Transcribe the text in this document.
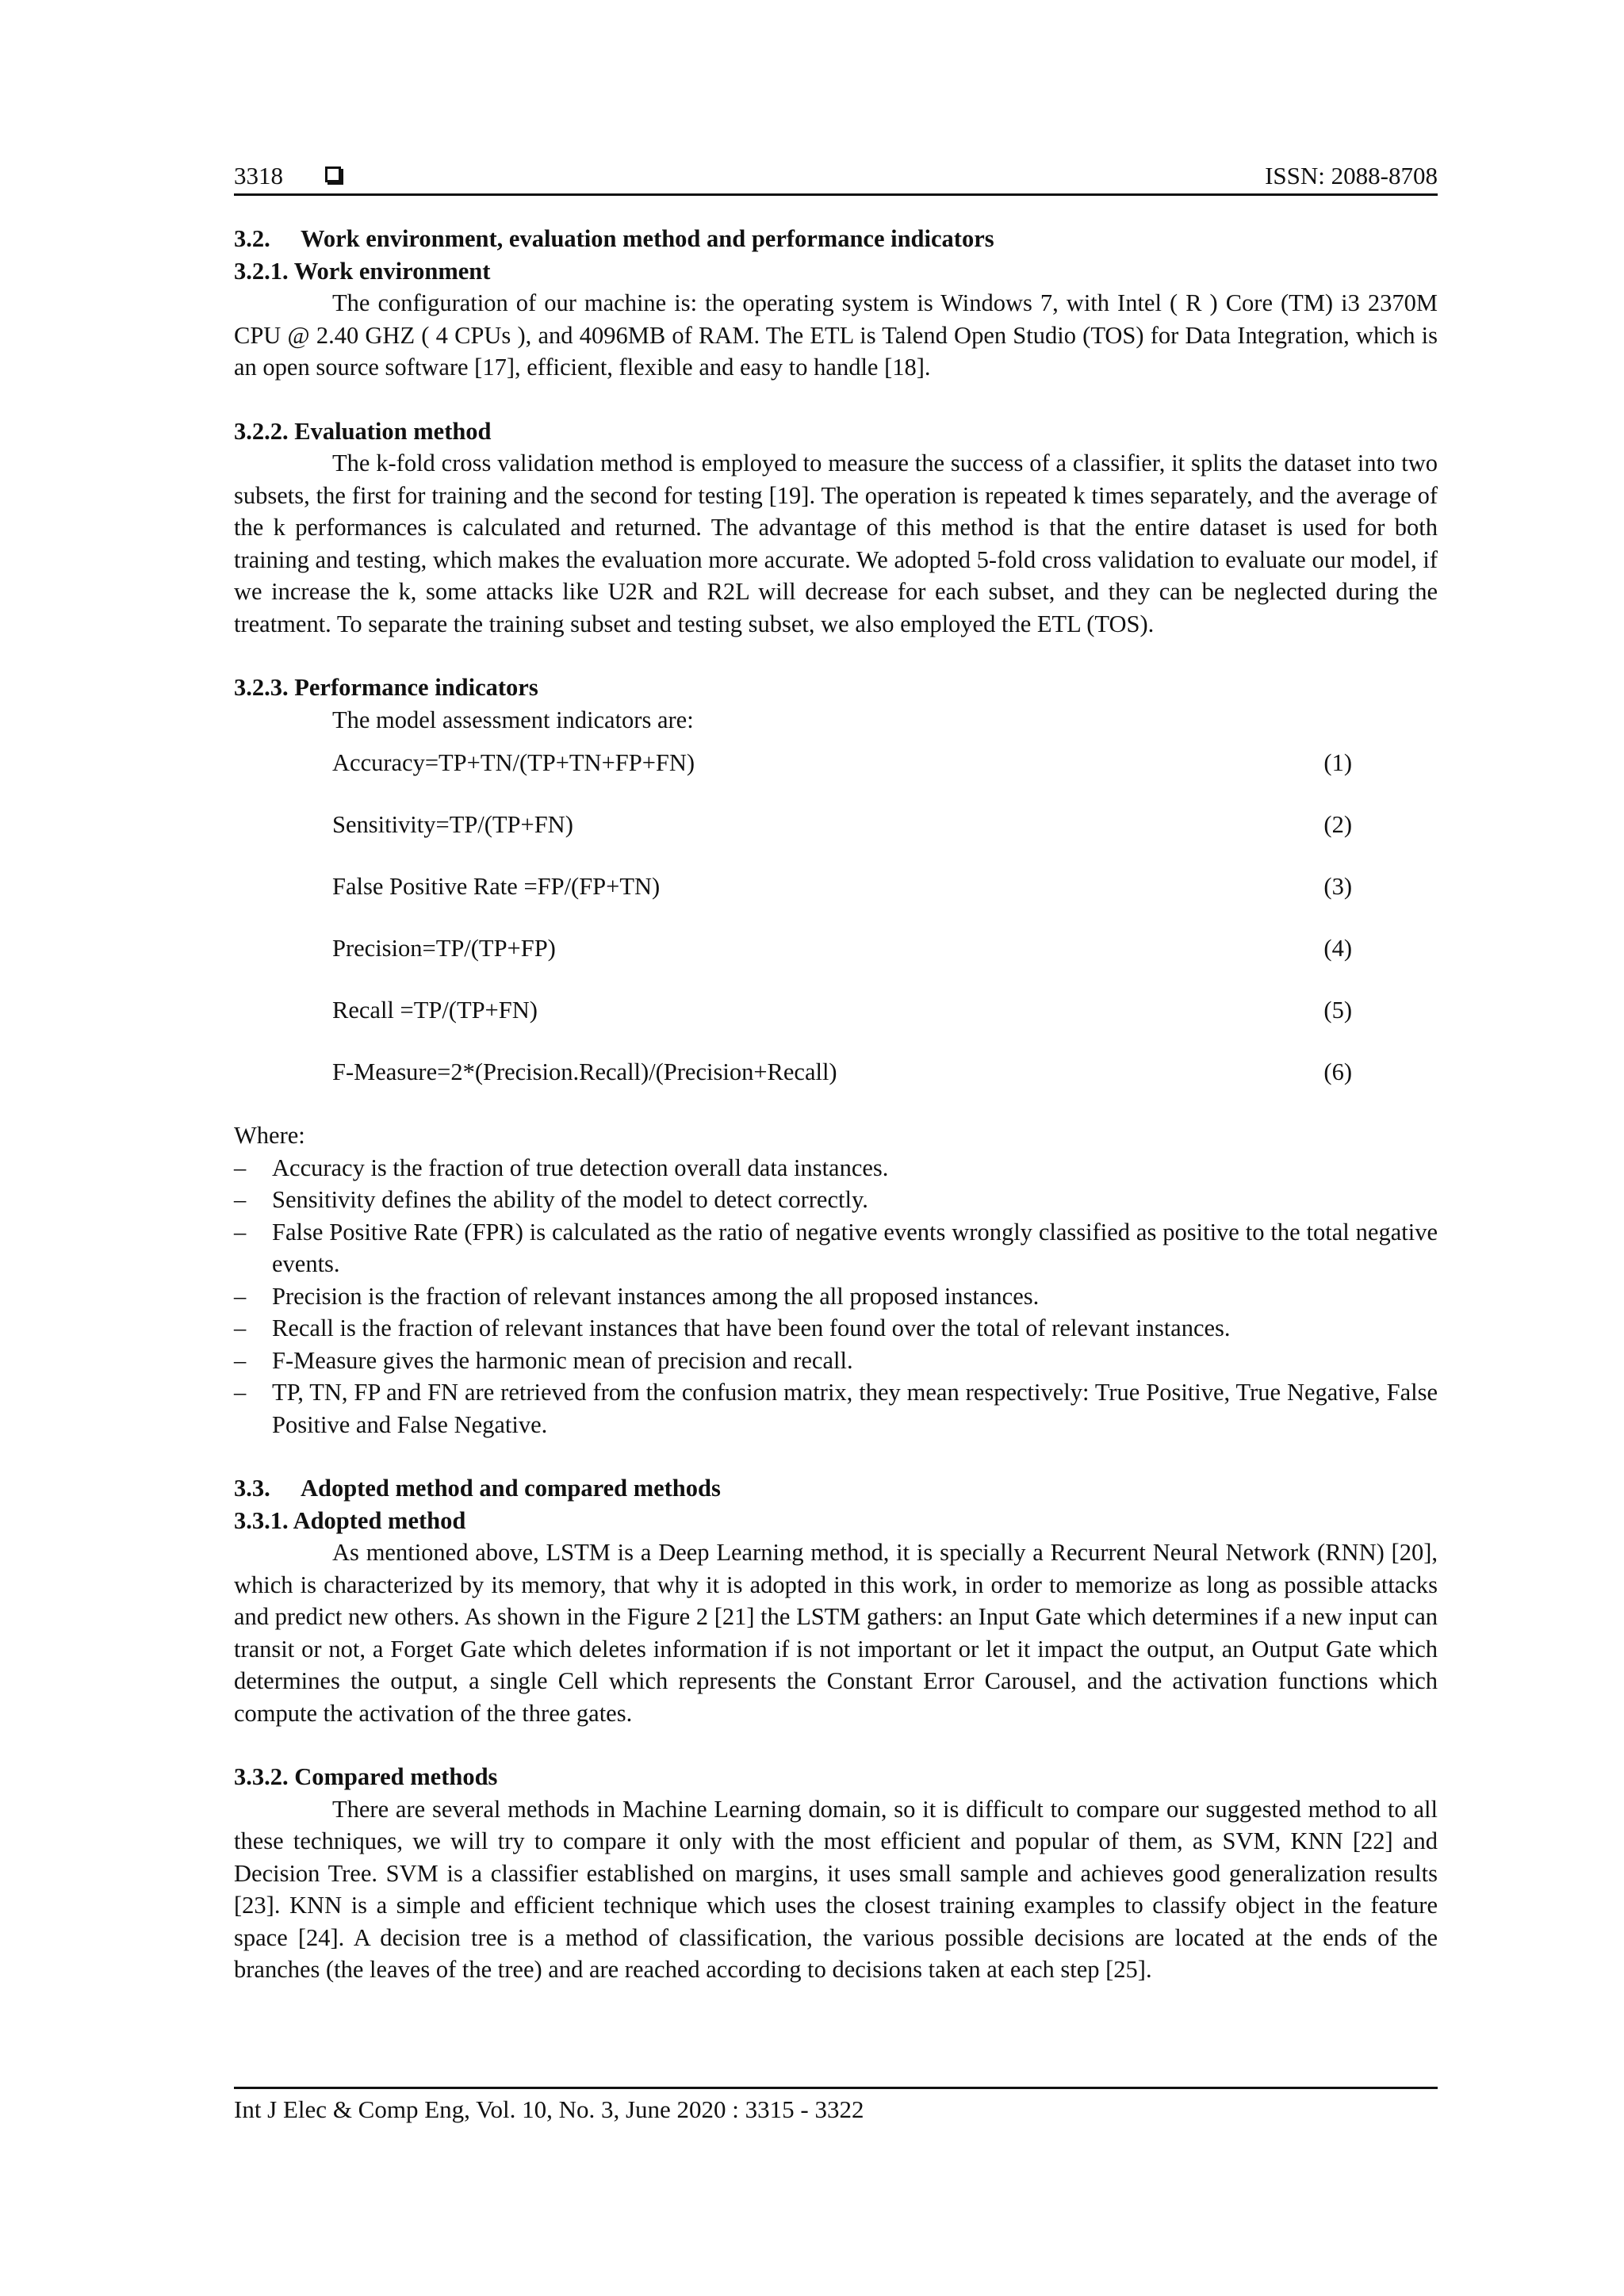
3318	ISSN: 2088-8708
3.2. Work environment, evaluation method and performance indicators
3.2.1. Work environment

The configuration of our machine is: the operating system is Windows 7, with Intel ( R ) Core (TM) i3 2370M CPU @ 2.40 GHZ ( 4 CPUs ), and 4096MB of RAM. The ETL is Talend Open Studio (TOS) for Data Integration, which is an open source software [17], efficient, flexible and easy to handle [18].

3.2.2. Evaluation method

The k-fold cross validation method is employed to measure the success of a classifier, it splits the dataset into two subsets, the first for training and the second for testing [19]. The operation is repeated k times separately, and the average of the k performances is calculated and returned. The advantage of this method is that the entire dataset is used for both training and testing, which makes the evaluation more accurate. We adopted 5-fold cross validation to evaluate our model, if we increase the k, some attacks like U2R and R2L will decrease for each subset, and they can be neglected during the treatment. To separate the training subset and testing subset, we also employed the ETL (TOS).

3.2.3. Performance indicators

The model assessment indicators are:

Accuracy=TP+TN/(TP+TN+FP+FN)	(1)
Sensitivity=TP/(TP+FN)	(2)
False Positive Rate =FP/(FP+TN)	(3)
Precision=TP/(TP+FP)	(4)
Recall =TP/(TP+FN)	(5)
F-Measure=2*(Precision.Recall)/(Precision+Recall)	(6)
Where:
– Accuracy is the fraction of true detection overall data instances.
– Sensitivity defines the ability of the model to detect correctly.
– False Positive Rate (FPR) is calculated as the ratio of negative events wrongly classified as positive to the total negative events.
– Precision is the fraction of relevant instances among the all proposed instances.
– Recall is the fraction of relevant instances that have been found over the total of relevant instances.
– F-Measure gives the harmonic mean of precision and recall.
– TP, TN, FP and FN are retrieved from the confusion matrix, they mean respectively: True Positive, True Negative, False Positive and False Negative.
3.3. Adopted method and compared methods
3.3.1. Adopted method

As mentioned above, LSTM is a Deep Learning method, it is specially a Recurrent Neural Network (RNN) [20], which is characterized by its memory, that why it is adopted in this work, in order to memorize as long as possible attacks and predict new others. As shown in the Figure 2 [21] the LSTM gathers: an Input Gate which determines if a new input can transit or not, a Forget Gate which deletes information if is not important or let it impact the output, an Output Gate which determines the output, a single Cell which represents the Constant Error Carousel, and the activation functions which compute the activation of the three gates.

3.3.2. Compared methods

There are several methods in Machine Learning domain, so it is difficult to compare our suggested method to all these techniques, we will try to compare it only with the most efficient and popular of them, as SVM, KNN [22] and Decision Tree. SVM is a classifier established on margins, it uses small sample and achieves good generalization results [23]. KNN is a simple and efficient technique which uses the closest training examples to classify object in the feature space [24]. A decision tree is a method of classification, the various possible decisions are located at the ends of the branches (the leaves of the tree) and are reached according to decisions taken at each step [25].

Int J Elec & Comp Eng, Vol. 10, No. 3, June 2020 : 3315 - 3322
